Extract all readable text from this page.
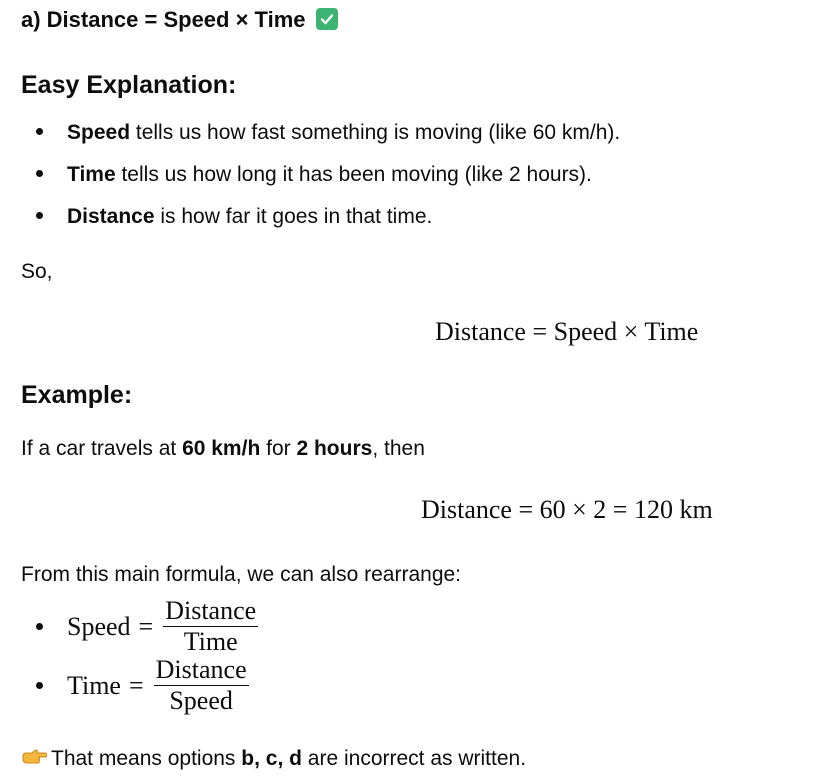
a) Distance = Speed × Time
Easy Explanation:
Speed tells us how fast something is moving (like 60 km/h).
Time tells us how long it has been moving (like 2 hours).
Distance is how far it goes in that time.
So,
Distance = Speed × Time
Example:
If a car travels at 60 km/h for 2 hours, then
Distance = 60 × 2 = 120 km
From this main formula, we can also rearrange:
Speed = $\frac{\text{Distance}}{\text{Time}}$
Time = $\frac{\text{Distance}}{\text{Speed}}$
That means options b, c, d are incorrect as written.
